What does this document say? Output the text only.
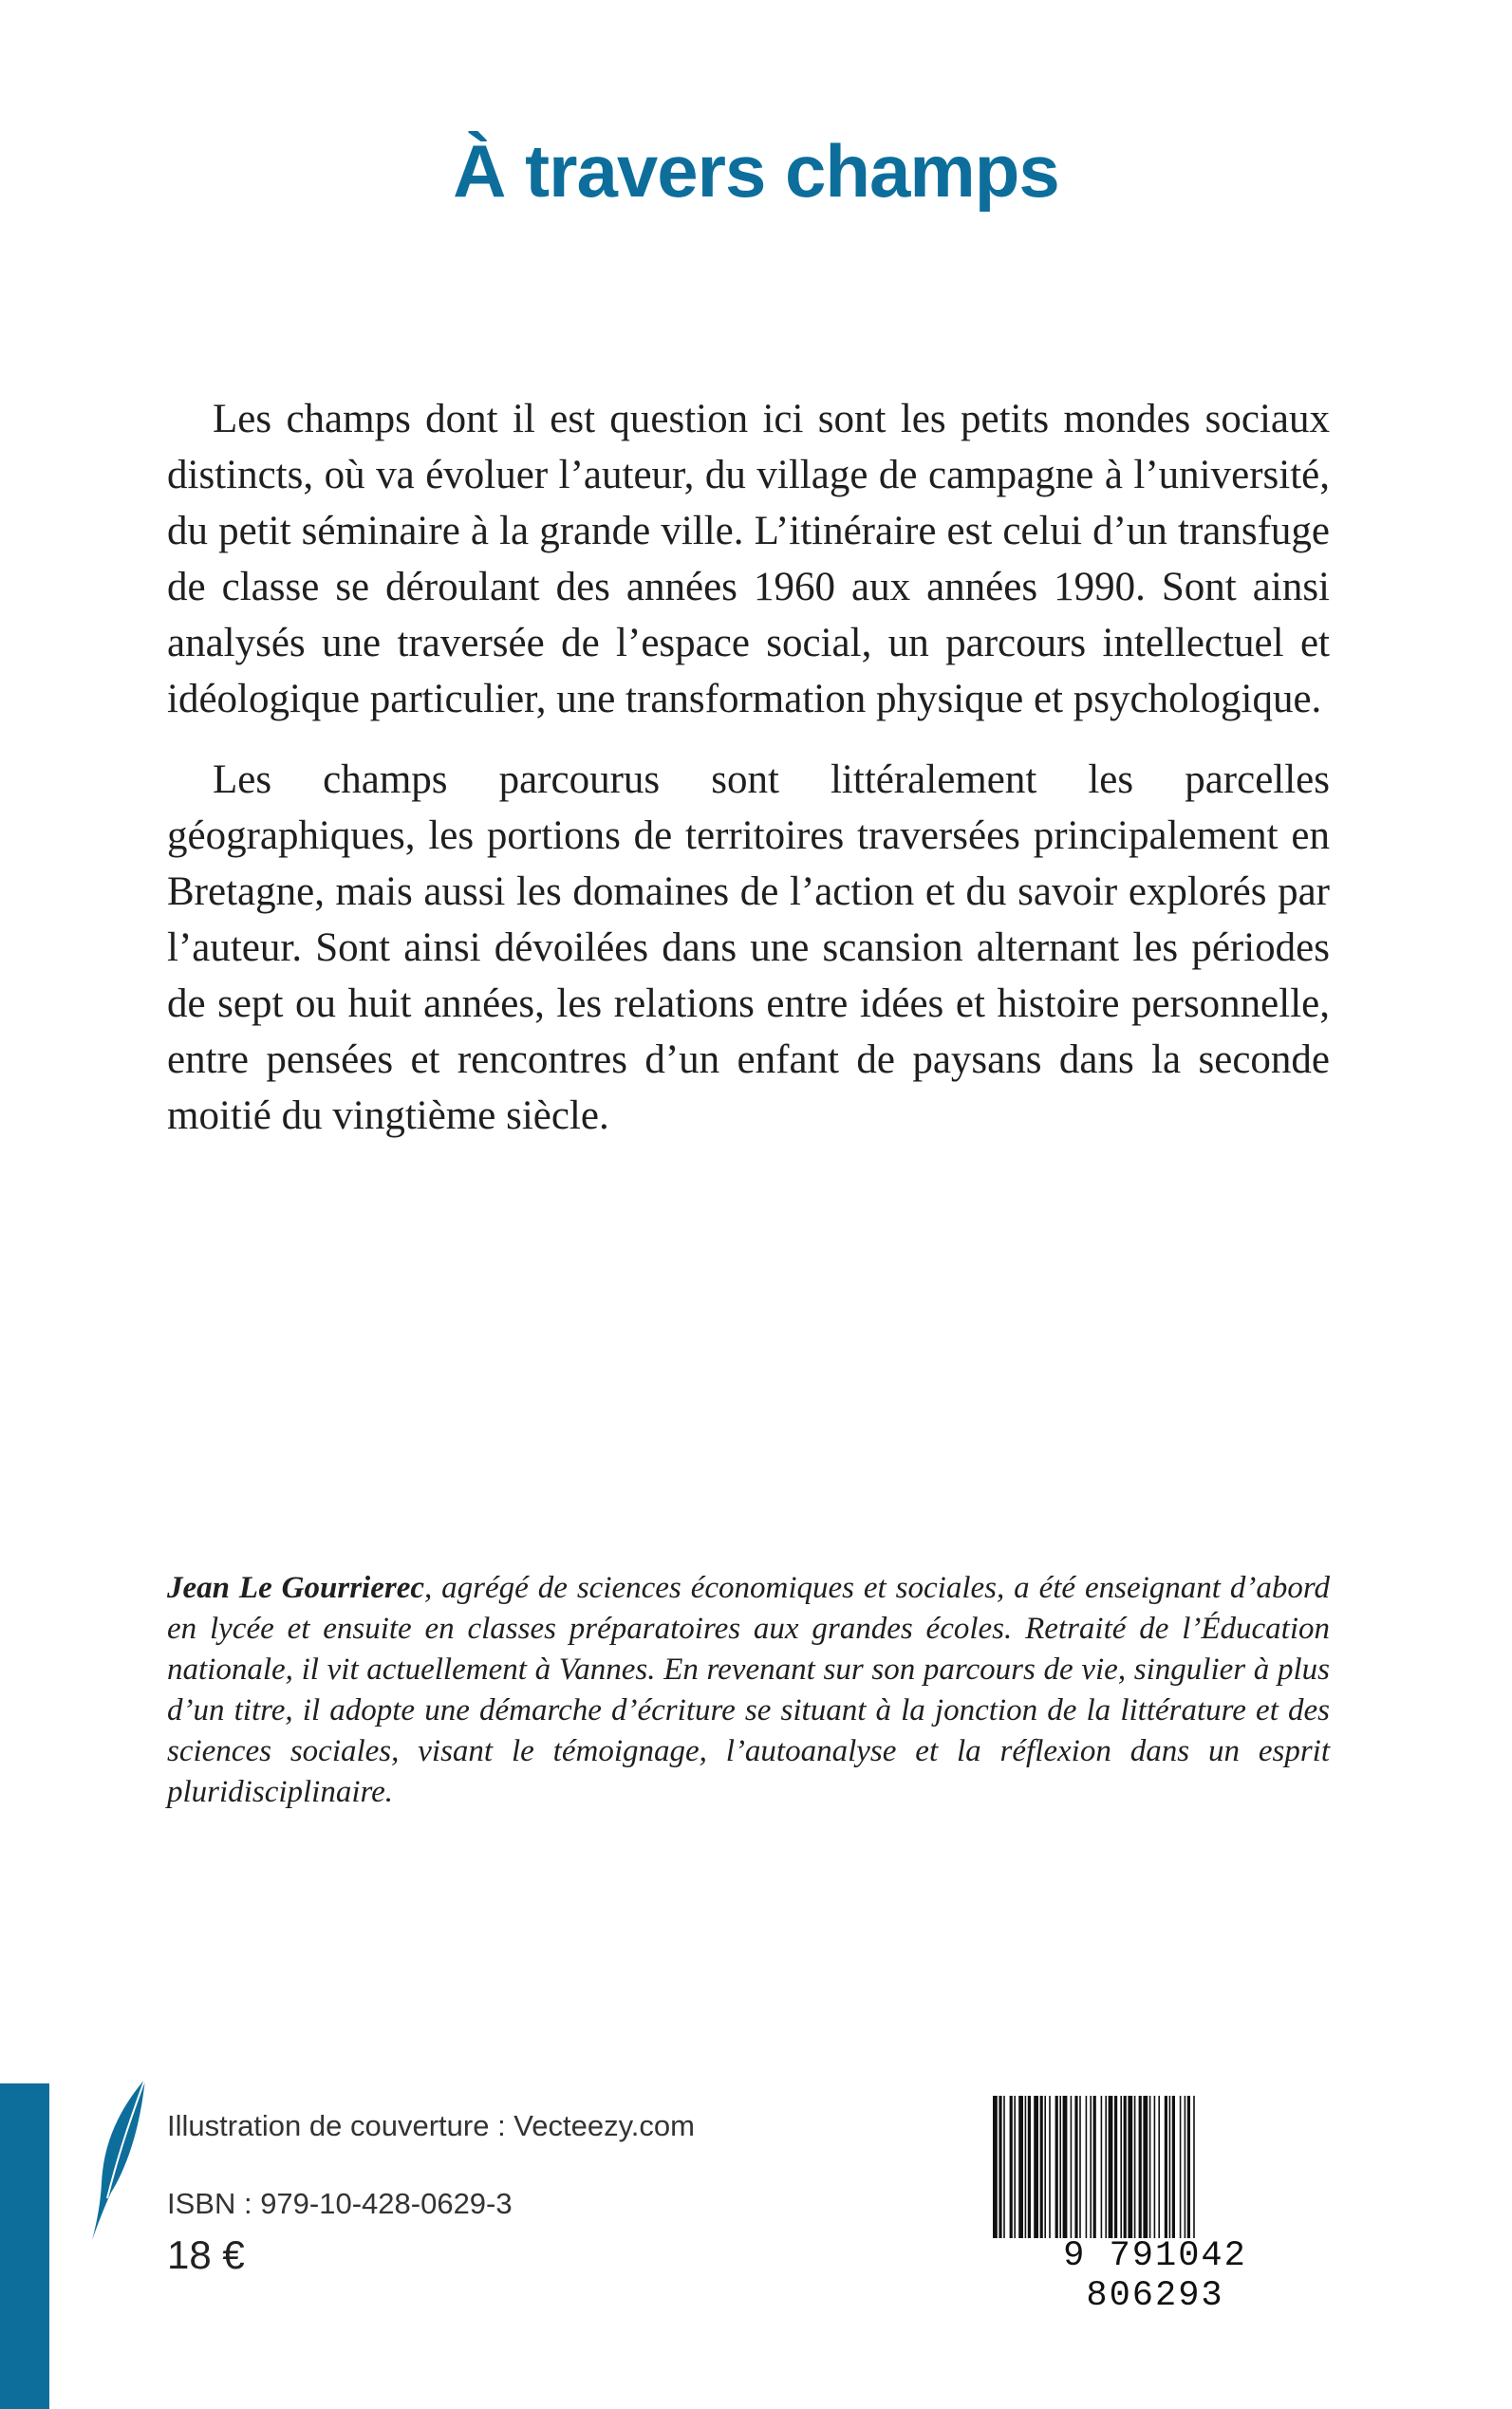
À travers champs

Les champs dont il est question ici sont les petits mondes sociaux distincts, où va évoluer l’auteur, du village de campagne à l’université, du petit séminaire à la grande ville. L’itinéraire est celui d’un transfuge de classe se déroulant des années 1960 aux années 1990. Sont ainsi analysés une traversée de l’espace social, un parcours intellectuel et idéologique particulier, une transformation physique et psychologique.

Les champs parcourus sont littéralement les parcelles géographiques, les portions de territoires traversées principalement en Bretagne, mais aussi les domaines de l’action et du savoir explorés par l’auteur. Sont ainsi dévoilées dans une scansion alternant les périodes de sept ou huit années, les relations entre idées et histoire personnelle, entre pensées et rencontres d’un enfant de paysans dans la seconde moitié du vingtième siècle.

Jean Le Gourrierec, agrégé de sciences économiques et sociales, a été enseignant d’abord en lycée et ensuite en classes préparatoires aux grandes écoles. Retraité de l’Éducation nationale, il vit actuellement à Vannes. En revenant sur son parcours de vie, singulier à plus d’un titre, il adopte une démarche d’écriture se situant à la jonction de la littérature et des sciences sociales, visant le témoignage, l’autoanalyse et la réflexion dans un esprit pluridisciplinaire.

Illustration de couverture : Vecteezy.com
ISBN : 979-10-428-0629-3
18 €	9 791042 806293
